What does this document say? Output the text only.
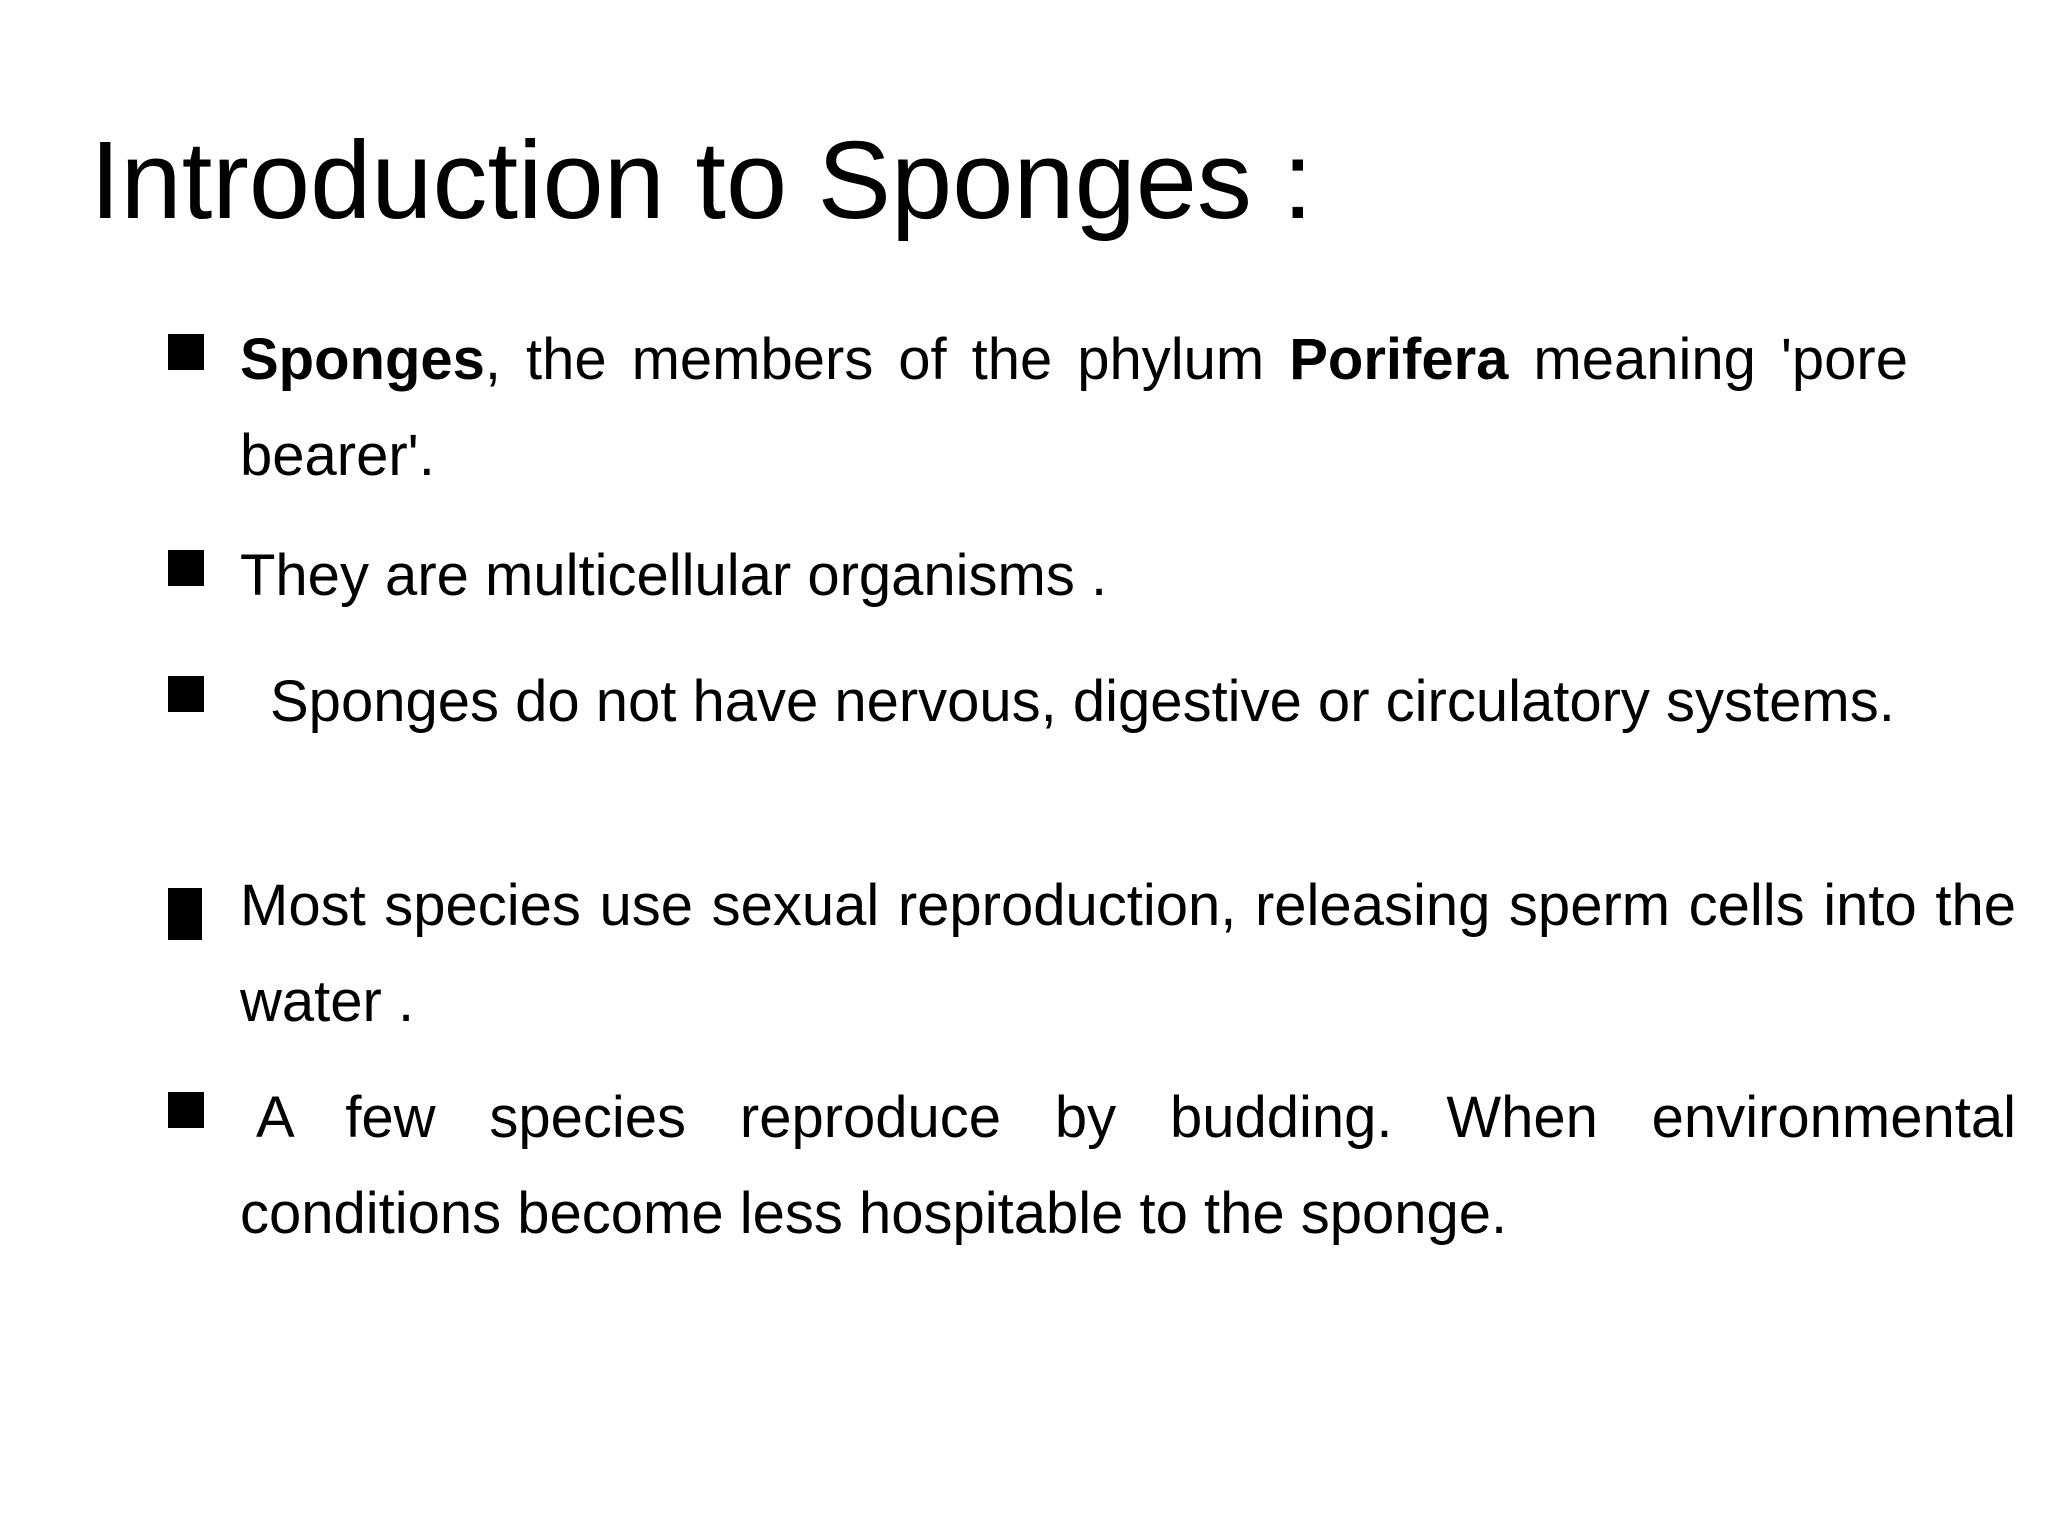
Introduction to Sponges :

Sponges, the members of the phylum Porifera meaning 'pore bearer'.

They are multicellular organisms .

Sponges do not have nervous, digestive or circulatory systems.

Most species use sexual reproduction, releasing sperm cells into the water .

A few species reproduce by budding. When environmental conditions become less hospitable to the sponge.
